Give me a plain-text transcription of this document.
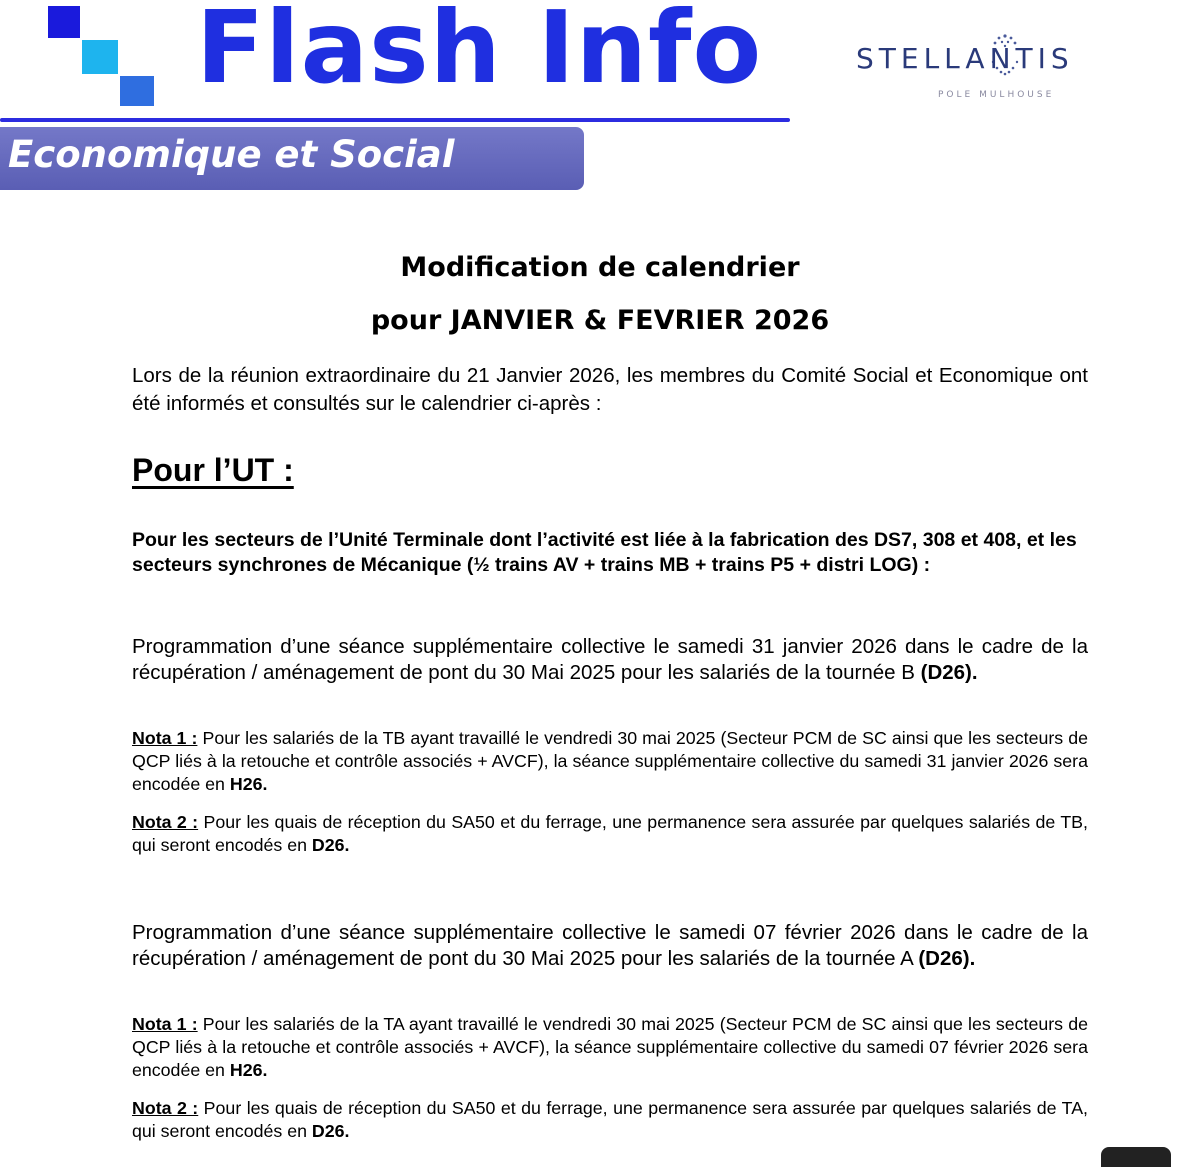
Flash Info
Economique et Social
STELLANTIS
POLE MULHOUSE
Modification de calendrier
pour JANVIER & FEVRIER 2026
Lors de la réunion extraordinaire du 21 Janvier 2026, les membres du Comité Social et Economique ont été informés et consultés sur le calendrier ci-après :
Pour l’UT :
Pour les secteurs de l’Unité Terminale dont l’activité est liée à la fabrication des DS7, 308 et 408, et les secteurs synchrones de Mécanique (½ trains AV + trains MB + trains P5 + distri LOG) :
Programmation d’une séance supplémentaire collective le samedi 31 janvier 2026 dans le cadre de la récupération / aménagement de pont du 30 Mai 2025 pour les salariés de la tournée B (D26).
Nota 1 : Pour les salariés de la TB ayant travaillé le vendredi 30 mai 2025 (Secteur PCM de SC ainsi que les secteurs de QCP liés à la retouche et contrôle associés + AVCF), la séance supplémentaire collective du samedi 31 janvier 2026 sera encodée en H26.
Nota 2 : Pour les quais de réception du SA50 et du ferrage, une permanence sera assurée par quelques salariés de TB, qui seront encodés en D26.
Programmation d’une séance supplémentaire collective le samedi 07 février 2026 dans le cadre de la récupération / aménagement de pont du 30 Mai 2025 pour les salariés de la tournée A (D26).
Nota 1 : Pour les salariés de la TA ayant travaillé le vendredi 30 mai 2025 (Secteur PCM de SC ainsi que les secteurs de QCP liés à la retouche et contrôle associés + AVCF), la séance supplémentaire collective du samedi 07 février 2026 sera encodée en H26.
Nota 2 : Pour les quais de réception du SA50 et du ferrage, une permanence sera assurée par quelques salariés de TA, qui seront encodés en D26.
